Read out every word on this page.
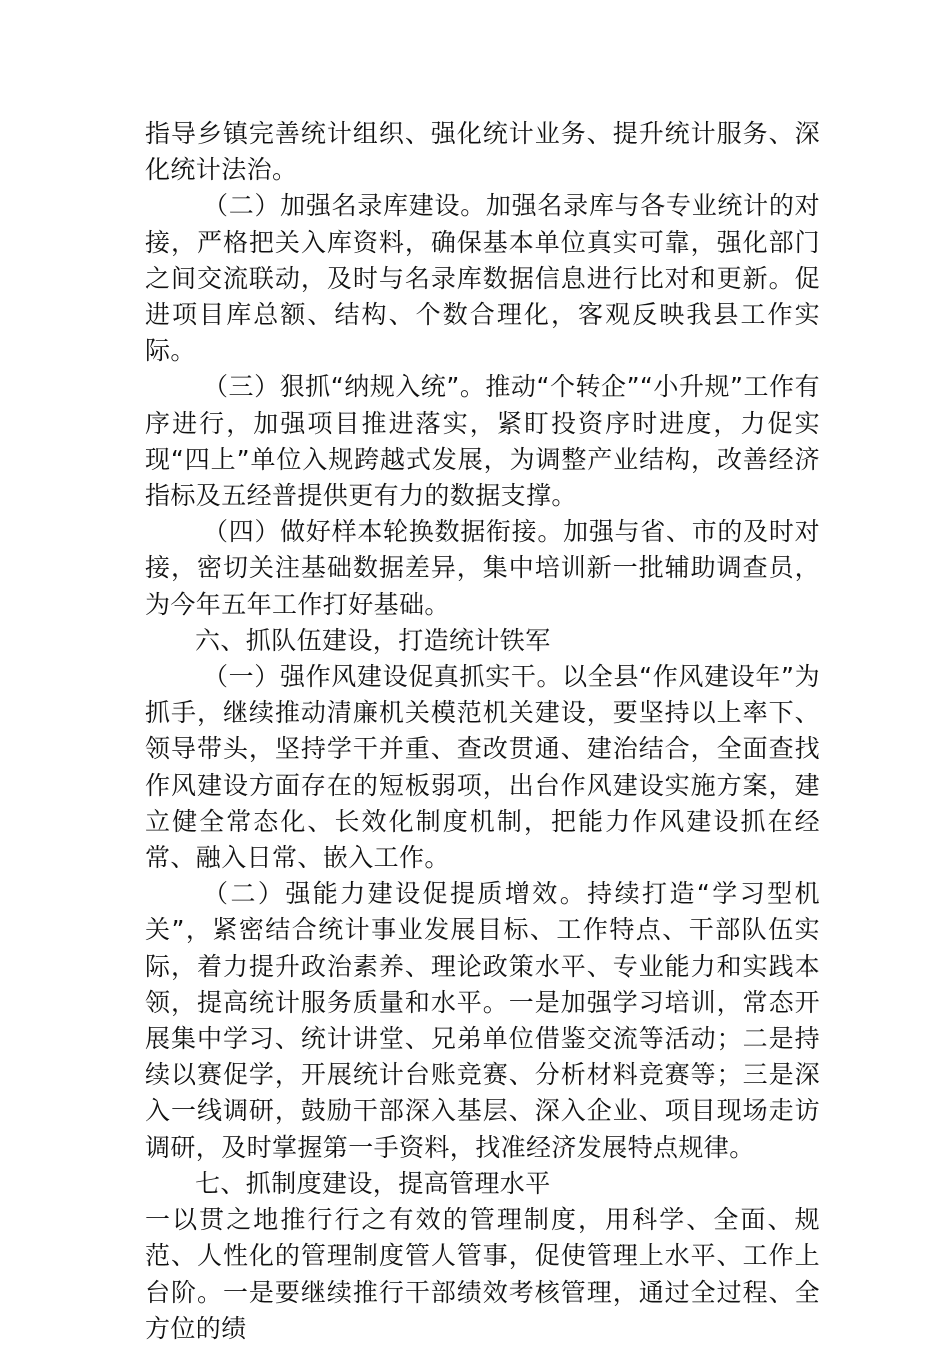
指导乡镇完善统计组织、强化统计业务、提升统计服务、深化统计法治。

（二）加强名录库建设。加强名录库与各专业统计的对接，严格把关入库资料，确保基本单位真实可靠，强化部门之间交流联动，及时与名录库数据信息进行比对和更新。促进项目库总额、结构、个数合理化，客观反映我县工作实际。

（三）狠抓“纳规入统”。推动“个转企”“小升规”工作有序进行，加强项目推进落实，紧盯投资序时进度，力促实现“四上”单位入规跨越式发展，为调整产业结构，改善经济指标及五经普提供更有力的数据支撑。

（四）做好样本轮换数据衔接。加强与省、市的及时对接，密切关注基础数据差异，集中培训新一批辅助调查员，为今年五年工作打好基础。

六、抓队伍建设，打造统计铁军

（一）强作风建设促真抓实干。以全县“作风建设年”为抓手，继续推动清廉机关模范机关建设，要坚持以上率下、领导带头，坚持学干并重、查改贯通、建治结合，全面查找作风建设方面存在的短板弱项，出台作风建设实施方案，建立健全常态化、长效化制度机制，把能力作风建设抓在经常、融入日常、嵌入工作。

（二）强能力建设促提质增效。持续打造“学习型机关”，紧密结合统计事业发展目标、工作特点、干部队伍实际，着力提升政治素养、理论政策水平、专业能力和实践本领，提高统计服务质量和水平。一是加强学习培训，常态开展集中学习、统计讲堂、兄弟单位借鉴交流等活动；二是持续以赛促学，开展统计台账竞赛、分析材料竞赛等；三是深入一线调研，鼓励干部深入基层、深入企业、项目现场走访调研，及时掌握第一手资料，找准经济发展特点规律。

七、抓制度建设，提高管理水平

一以贯之地推行行之有效的管理制度，用科学、全面、规范、人性化的管理制度管人管事，促使管理上水平、工作上台阶。一是要继续推行干部绩效考核管理，通过全过程、全方位的绩
